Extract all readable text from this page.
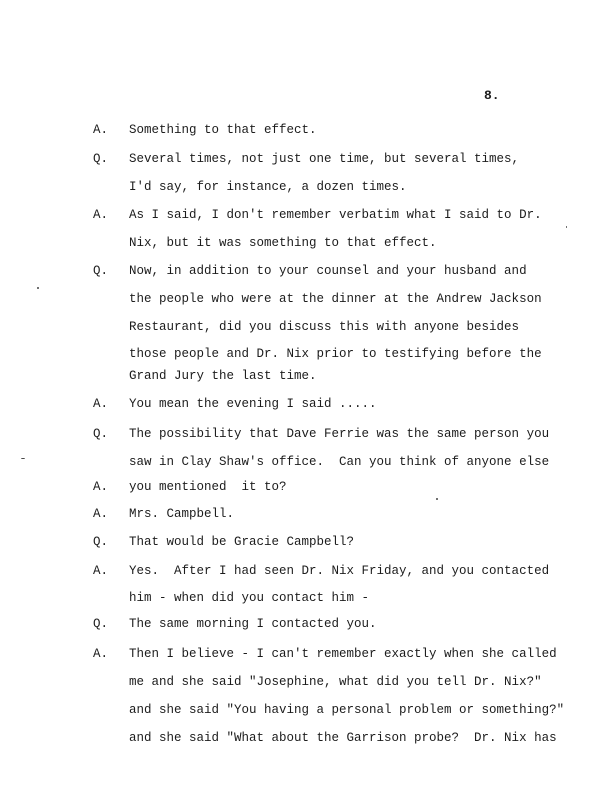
8.
A. Something to that effect.
Q. Several times, not just one time, but several times,
I'd say, for instance, a dozen times.
A. As I said, I don't remember verbatim what I said to Dr.
Nix, but it was something to that effect.
Q. Now, in addition to your counsel and your husband and
the people who were at the dinner at the Andrew Jackson
Restaurant, did you discuss this with anyone besides
those people and Dr. Nix prior to testifying before the
Grand Jury the last time.
A. You mean the evening I said .....
Q. The possibility that Dave Ferrie was the same person you
saw in Clay Shaw's office.  Can you think of anyone else
A. you mentioned  it to?
A. Mrs. Campbell.
Q. That would be Gracie Campbell?
A. Yes.  After I had seen Dr. Nix Friday, and you contacted
him - when did you contact him -
Q. The same morning I contacted you.
A. Then I believe - I can't remember exactly when she called
me and she said "Josephine, what did you tell Dr. Nix?"
and she said "You having a personal problem or something?"
and she said "What about the Garrison probe?  Dr. Nix has
